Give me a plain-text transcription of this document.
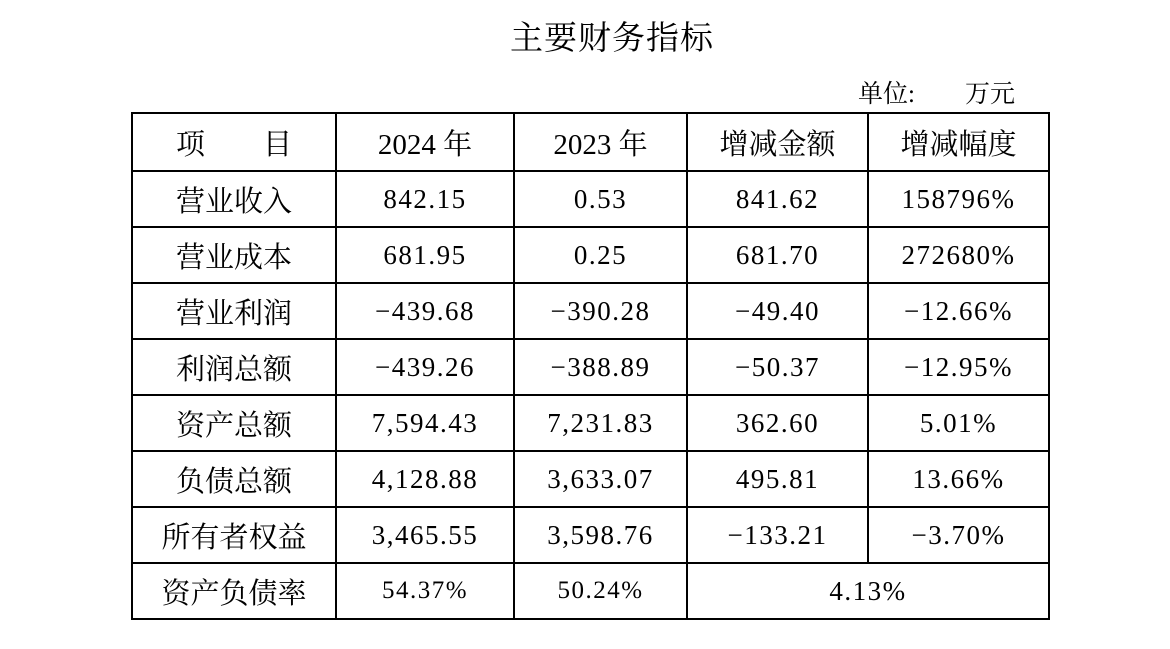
主要财务指标
单位: 万元
项　　目	2024 年	2023 年	增减金额	增减幅度
营业收入	842.15	0.53	841.62	158796%
营业成本	681.95	0.25	681.70	272680%
营业利润	−439.68	−390.28	−49.40	−12.66%
利润总额	−439.26	−388.89	−50.37	−12.95%
资产总额	7,594.43	7,231.83	362.60	5.01%
负债总额	4,128.88	3,633.07	495.81	13.66%
所有者权益	3,465.55	3,598.76	−133.21	−3.70%
资产负债率	54.37%	50.24%	4.13%	
